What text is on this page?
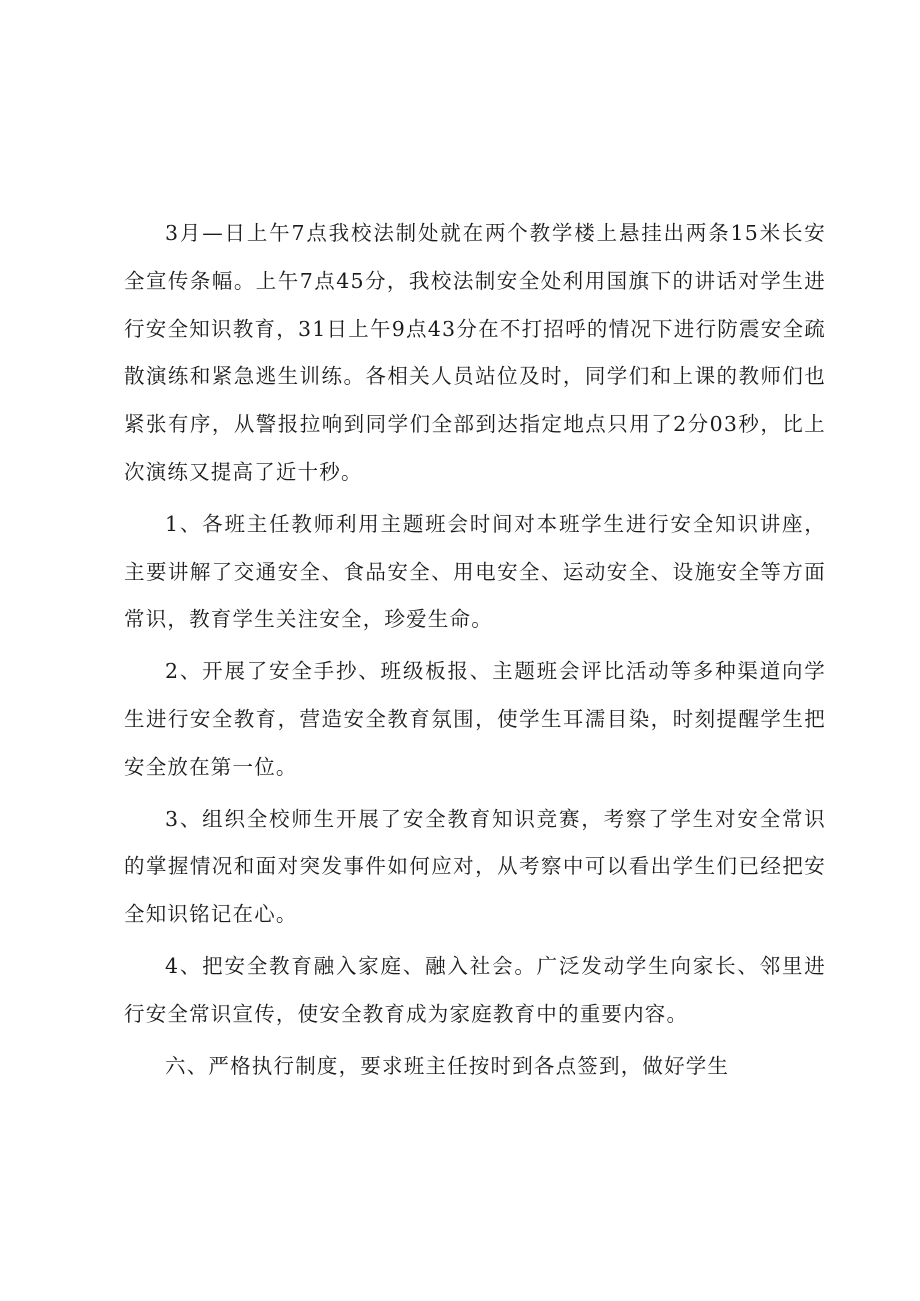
3月—日上午7点我校法制处就在两个教学楼上悬挂出两条15米长安全宣传条幅。上午7点45分，我校法制安全处利用国旗下的讲话对学生进行安全知识教育，31日上午9点43分在不打招呼的情况下进行防震安全疏散演练和紧急逃生训练。各相关人员站位及时，同学们和上课的教师们也紧张有序，从警报拉响到同学们全部到达指定地点只用了2分03秒，比上次演练又提高了近十秒。

1、各班主任教师利用主题班会时间对本班学生进行安全知识讲座，主要讲解了交通安全、食品安全、用电安全、运动安全、设施安全等方面常识，教育学生关注安全，珍爱生命。

2、开展了安全手抄、班级板报、主题班会评比活动等多种渠道向学生进行安全教育，营造安全教育氛围，使学生耳濡目染，时刻提醒学生把安全放在第一位。

3、组织全校师生开展了安全教育知识竞赛，考察了学生对安全常识的掌握情况和面对突发事件如何应对，从考察中可以看出学生们已经把安全知识铭记在心。

4、把安全教育融入家庭、融入社会。广泛发动学生向家长、邻里进行安全常识宣传，使安全教育成为家庭教育中的重要内容。

六、严格执行制度，要求班主任按时到各点签到，做好学生
